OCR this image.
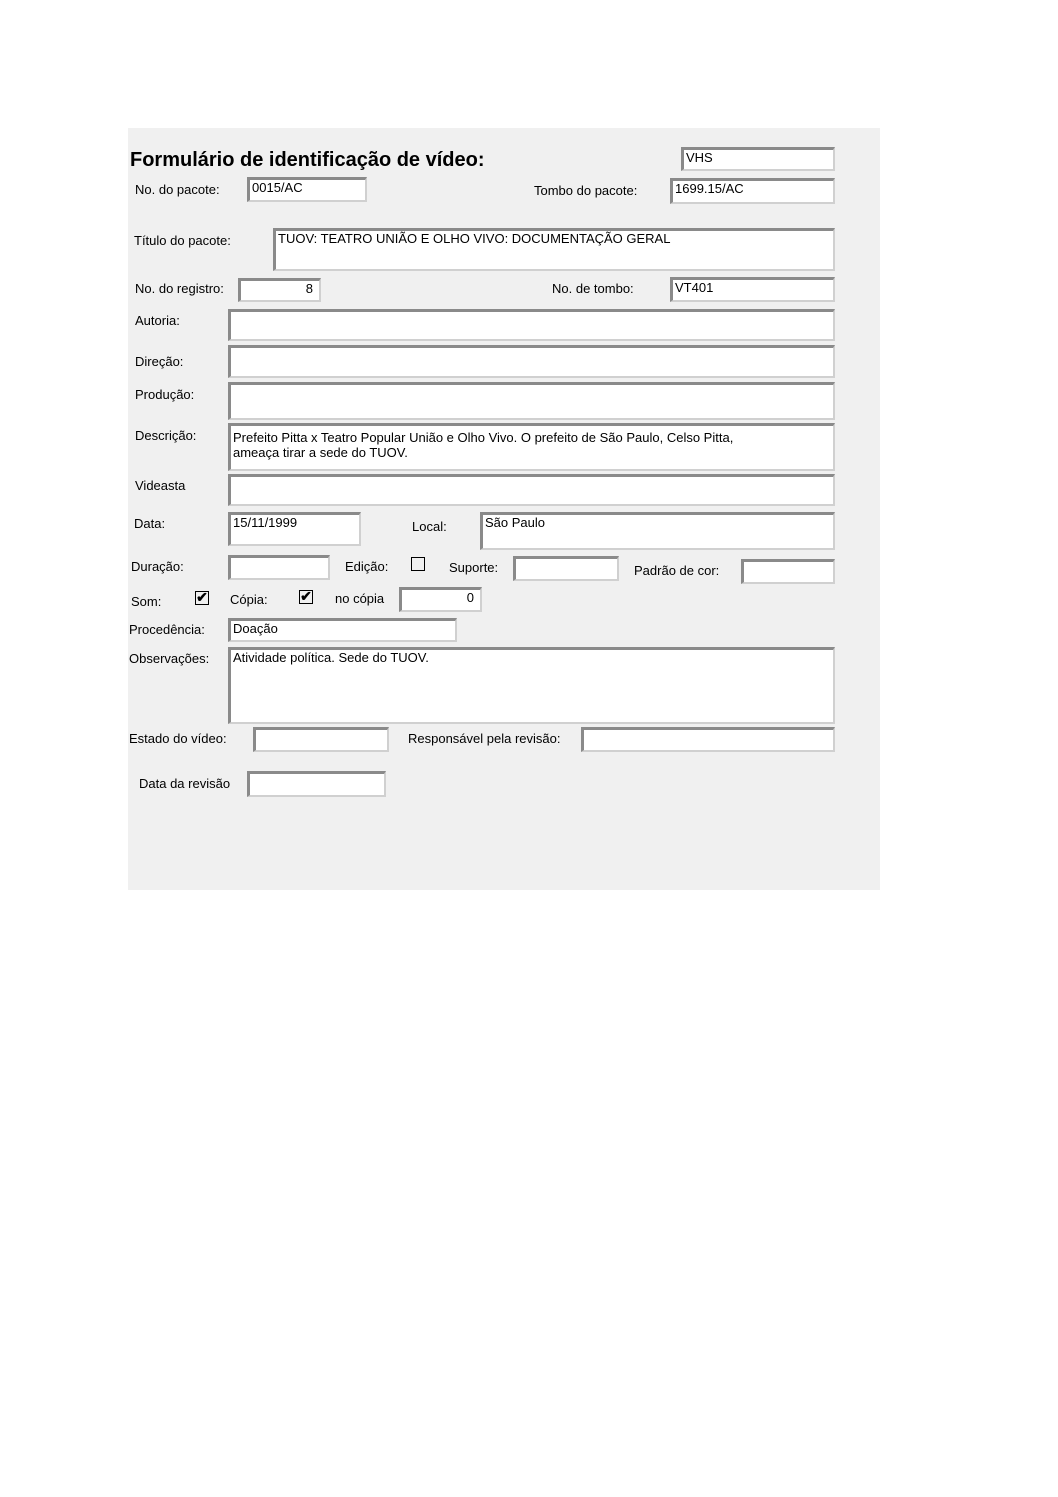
Formulário de identificação de vídeo:	VHS
No. do pacote:	0015/AC	Tombo do pacote:	1699.15/AC
Título do pacote:	TUOV: TEATRO UNIÃO E OLHO VIVO: DOCUMENTAÇÃO GERAL
No. do registro:	8	No. de tombo:	VT401
Autoria:
Direção:
Produção:
Descrição:	Prefeito Pitta x Teatro Popular União e Olho Vivo. O prefeito de São Paulo, Celso Pitta,
ameaça tirar a sede do TUOV.
Videasta
Data:	15/11/1999	Local:	São Paulo
Duração:	Edição:	Suporte:	Padrão de cor:
Som: ✔ Cópia: ✔ no cópia	0
Procedência:	Doação
Observações:	Atividade política. Sede do TUOV.
Estado do vídeo:	Responsável pela revisão:
Data da revisão
